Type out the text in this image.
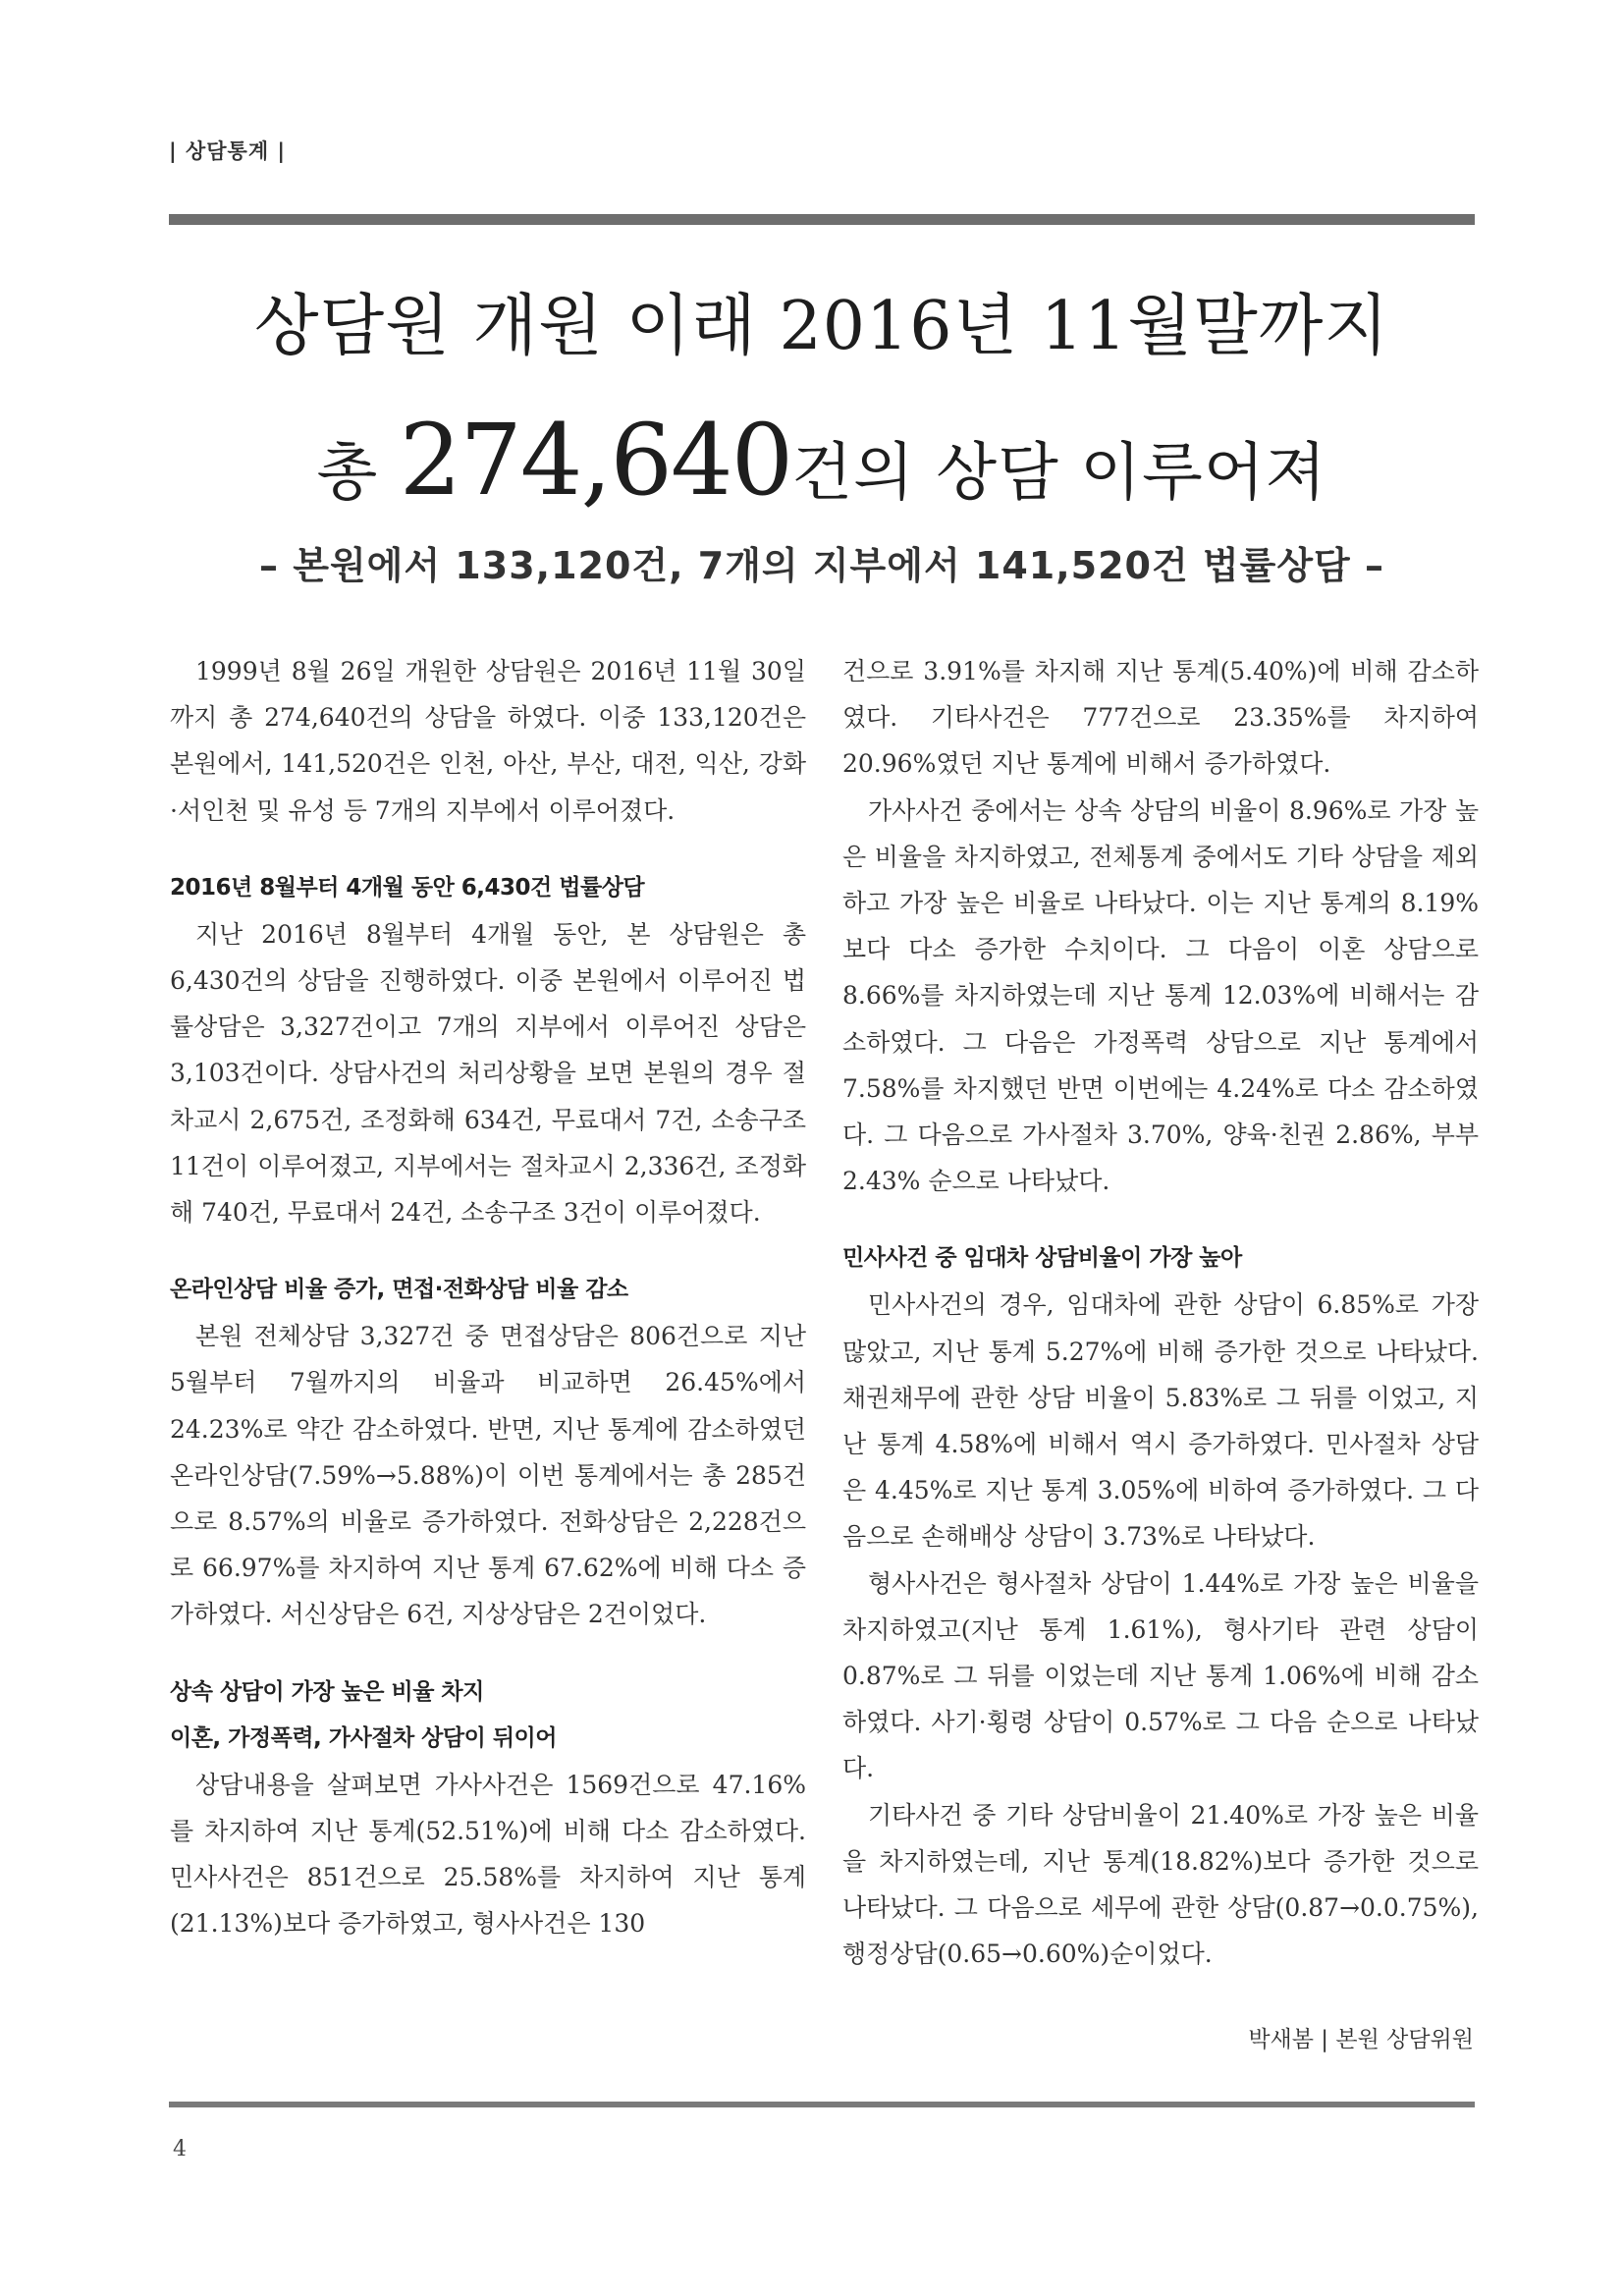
| 상담통계 |
상담원 개원 이래 2016년 11월말까지
총 274,640건의 상담 이루어져
– 본원에서 133,120건, 7개의 지부에서 141,520건 법률상담 –

1999년 8월 26일 개원한 상담원은 2016년 11월 30일까지 총 274,640건의 상담을 하였다. 이중 133,120건은 본원에서, 141,520건은 인천, 아산, 부산, 대전, 익산, 강화·서인천 및 유성 등 7개의 지부에서 이루어졌다.

2016년 8월부터 4개월 동안 6,430건 법률상담

지난 2016년 8월부터 4개월 동안, 본 상담원은 총 6,430건의 상담을 진행하였다. 이중 본원에서 이루어진 법률상담은 3,327건이고 7개의 지부에서 이루어진 상담은 3,103건이다. 상담사건의 처리상황을 보면 본원의 경우 절차교시 2,675건, 조정화해 634건, 무료대서 7건, 소송구조 11건이 이루어졌고, 지부에서는 절차교시 2,336건, 조정화해 740건, 무료대서 24건, 소송구조 3건이 이루어졌다.

온라인상담 비율 증가, 면접·전화상담 비율 감소

본원 전체상담 3,327건 중 면접상담은 806건으로 지난 5월부터 7월까지의 비율과 비교하면 26.45%에서 24.23%로 약간 감소하였다. 반면, 지난 통계에 감소하였던 온라인상담(7.59%→5.88%)이 이번 통계에서는 총 285건으로 8.57%의 비율로 증가하였다. 전화상담은 2,228건으로 66.97%를 차지하여 지난 통계 67.62%에 비해 다소 증가하였다. 서신상담은 6건, 지상상담은 2건이었다.

상속 상담이 가장 높은 비율 차지
이혼, 가정폭력, 가사절차 상담이 뒤이어

상담내용을 살펴보면 가사사건은 1569건으로 47.16%를 차지하여 지난 통계(52.51%)에 비해 다소 감소하였다. 민사사건은 851건으로 25.58%를 차지하여 지난 통계(21.13%)보다 증가하였고, 형사사건은 130

건으로 3.91%를 차지해 지난 통계(5.40%)에 비해 감소하였다. 기타사건은 777건으로 23.35%를 차지하여 20.96%였던 지난 통계에 비해서 증가하였다.

가사사건 중에서는 상속 상담의 비율이 8.96%로 가장 높은 비율을 차지하였고, 전체통계 중에서도 기타 상담을 제외하고 가장 높은 비율로 나타났다. 이는 지난 통계의 8.19%보다 다소 증가한 수치이다. 그 다음이 이혼 상담으로 8.66%를 차지하였는데 지난 통계 12.03%에 비해서는 감소하였다. 그 다음은 가정폭력 상담으로 지난 통계에서 7.58%를 차지했던 반면 이번에는 4.24%로 다소 감소하였다. 그 다음으로 가사절차 3.70%, 양육·친권 2.86%, 부부 2.43% 순으로 나타났다.

민사사건 중 임대차 상담비율이 가장 높아

민사사건의 경우, 임대차에 관한 상담이 6.85%로 가장 많았고, 지난 통계 5.27%에 비해 증가한 것으로 나타났다. 채권채무에 관한 상담 비율이 5.83%로 그 뒤를 이었고, 지난 통계 4.58%에 비해서 역시 증가하였다. 민사절차 상담은 4.45%로 지난 통계 3.05%에 비하여 증가하였다. 그 다음으로 손해배상 상담이 3.73%로 나타났다.

형사사건은 형사절차 상담이 1.44%로 가장 높은 비율을 차지하였고(지난 통계 1.61%), 형사기타 관련 상담이 0.87%로 그 뒤를 이었는데 지난 통계 1.06%에 비해 감소하였다. 사기·횡령 상담이 0.57%로 그 다음 순으로 나타났다.

기타사건 중 기타 상담비율이 21.40%로 가장 높은 비율을 차지하였는데, 지난 통계(18.82%)보다 증가한 것으로 나타났다. 그 다음으로 세무에 관한 상담(0.87→0.0.75%), 행정상담(0.65→0.60%)순이었다.

박새봄 | 본원 상담위원
4
